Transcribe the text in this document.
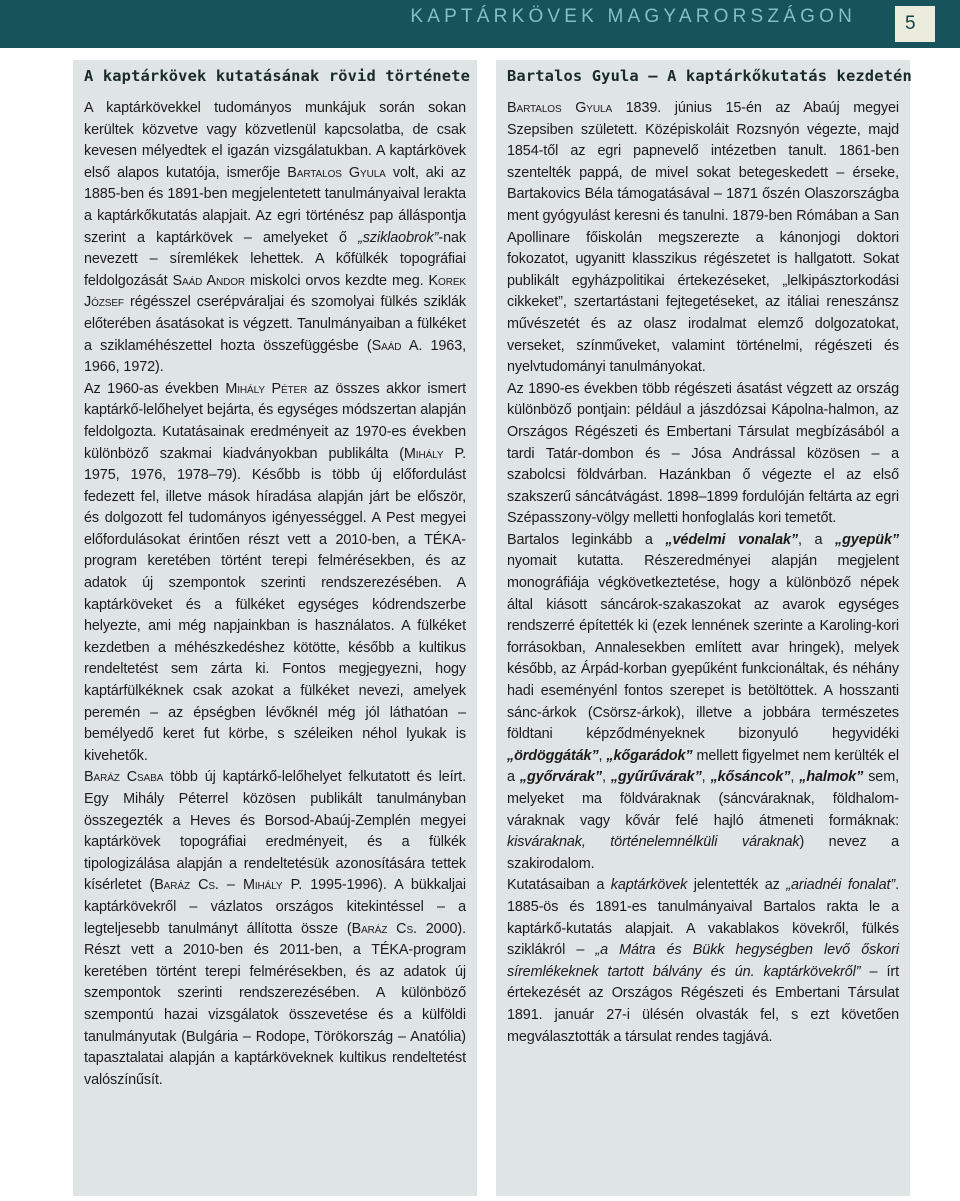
KAPTÁRKÖVEK MAGYARORSZÁGON	5
A kaptárkövek kutatásának rövid története

A kaptárkövekkel tudományos munkájuk során sokan kerültek közvetve vagy közvetlenül kapcsolatba, de csak kevesen mélyedtek el igazán vizsgálatukban. A kaptárkövek első alapos kutatója, ismerője Bartalos Gyula volt, aki az 1885-ben és 1891-ben megjelentetett tanulmányaival lerakta a kaptárkőkutatás alapjait. Az egri történész pap álláspontja szerint a kaptárkövek – amelyeket ő „sziklaobrok”-nak nevezett – síremlékek lehettek. A kőfülkék topográfiai feldolgozását Saád Andor miskolci orvos kezdte meg. Korek József régésszel cserépváraljai és szomolyai fülkés sziklák előterében ásatásokat is végzett. Tanulmányaiban a fülkéket a sziklaméhészettel hozta összefüggésbe (Saád A. 1963, 1966, 1972).

Az 1960-as években Mihály Péter az összes akkor ismert kaptárkő-lelőhelyet bejárta, és egységes módszertan alapján feldolgozta. Kutatásainak eredményeit az 1970-es években különböző szakmai kiadványokban publikálta (Mihály P. 1975, 1976, 1978–79). Később is több új előfordulást fedezett fel, illetve mások híradása alapján járt be először, és dolgozott fel tudományos igényességgel. A Pest megyei előfordulásokat érintően részt vett a 2010-ben, a TÉKA-program keretében történt terepi felmérésekben, és az adatok új szempontok szerinti rendszerezésében. A kaptárköveket és a fülkéket egységes kódrendszerbe helyezte, ami még napjainkban is használatos. A fülkéket kezdetben a méhészkedéshez kötötte, később a kultikus rendeltetést sem zárta ki. Fontos megjegyezni, hogy kaptárfülkéknek csak azokat a fülkéket nevezi, amelyek peremén – az épségben lévőknél még jól láthatóan – bemélyedő keret fut körbe, s széleiken néhol lyukak is kivehetők.

Baráz Csaba több új kaptárkő-lelőhelyet felkutatott és leírt. Egy Mihály Péterrel közösen publikált tanulmányban összegezték a Heves és Borsod-Abaúj-Zemplén megyei kaptárkövek topográfiai eredményeit, és a fülkék tipologizálása alapján a rendeltetésük azonosítására tettek kísérletet (Baráz Cs. – Mihály P. 1995-1996). A bükkaljai kaptárkövekről – vázlatos országos kitekintéssel – a legteljesebb tanulmányt állította össze (Baráz Cs. 2000). Részt vett a 2010-ben és 2011-ben, a TÉKA-program keretében történt terepi felmérésekben, és az adatok új szempontok szerinti rendszerezésében. A különböző szempontú hazai vizsgálatok összevetése és a külföldi tanulmányutak (Bulgária – Rodope, Törökország – Anatólia) tapasztalatai alapján a kaptárköveknek kultikus rendeltetést valószínűsít.

Bartalos Gyula – A kaptárkőkutatás kezdetén

Bartalos Gyula 1839. június 15-én az Abaúj megyei Szepsiben született. Középiskoláit Rozsnyón végezte, majd 1854-től az egri papnevelő intézetben tanult. 1861-ben szentelték pappá, de mivel sokat betegeskedett – érseke, Bartakovics Béla támogatásával – 1871 őszén Olaszországba ment gyógyulást keresni és tanulni. 1879-ben Rómában a San Apollinare főiskolán megszerezte a kánonjogi doktori fokozatot, ugyanitt klasszikus régészetet is hallgatott. Sokat publikált egyházpolitikai értekezéseket, „lelkipásztorkodási cikkeket”, szertartástani fejtegetéseket, az itáliai reneszánsz művészetét és az olasz irodalmat elemző dolgozatokat, verseket, színműveket, valamint történelmi, régészeti és nyelvtudományi tanulmányokat.

Az 1890-es években több régészeti ásatást végzett az ország különböző pontjain: például a jászdózsai Kápolna-halmon, az Országos Régészeti és Embertani Társulat megbízásából a tardi Tatár-dombon és – Jósa Andrással közösen – a szabolcsi földvárban. Hazánkban ő végezte el az első szakszerű sáncátvágást. 1898–1899 fordulóján feltárta az egri Szépasszony-völgy melletti honfoglalás kori temetőt.

Bartalos leginkább a „védelmi vonalak”, a „gyepük” nyomait kutatta. Részeredményei alapján megjelent monográfiája végkövetkeztetése, hogy a különböző népek által kiásott sáncárok-szakaszokat az avarok egységes rendszerré építették ki (ezek lennének szerinte a Karoling-kori forrásokban, Annalesekben említett avar hringek), melyek később, az Árpád-korban gyepűként funkcionáltak, és néhány hadi eseményénl fontos szerepet is betöltöttek. A hosszanti sánc-árkok (Csörsz-árkok), illetve a jobbára természetes földtani képződményeknek bizonyuló hegyvidéki „ördöggáták”, „kőgarádok” mellett figyelmet nem kerülték el a „győrvárak”, „gyűrűvárak”, „kősáncok”, „halmok” sem, melyeket ma földváraknak (sáncváraknak, földhalom-váraknak vagy kővár felé hajló átmeneti formáknak: kisváraknak, történelemnélküli váraknak) nevez a szakirodalom.

Kutatásaiban a kaptárkövek jelentették az „ariadnéi fonalat”. 1885-ös és 1891-es tanulmányaival Bartalos rakta le a kaptárkő-kutatás alapjait. A vakablakos kövekről, fülkés sziklákról – „a Mátra és Bükk hegységben levő őskori síremlékeknek tartott bálvány és ún. kaptárkövekről” – írt értekezését az Országos Régészeti és Embertani Társulat 1891. január 27-i ülésén olvasták fel, s ezt követően megválasztották a társulat rendes tagjává.
